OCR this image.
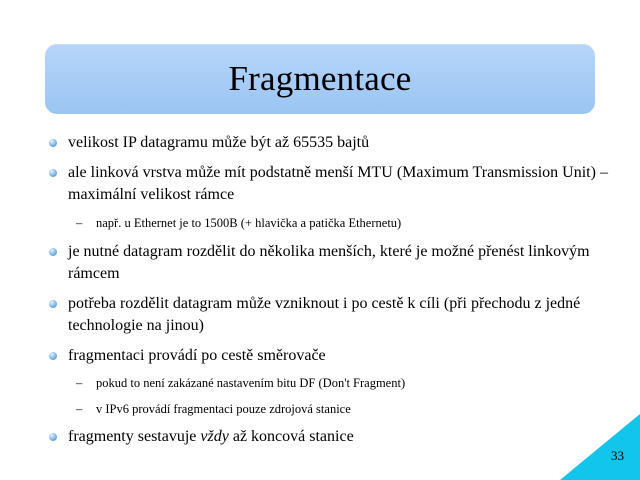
Fragmentace
velikost IP datagramu může být až 65535 bajtů
ale linková vrstva může mít podstatně menší MTU (Maximum Transmission Unit) – maximální velikost rámce
– např. u Ethernet je to 1500B (+ hlavička a patička Ethernetu)
je nutné datagram rozdělit do několika menších, které je možné přenést linkovým rámcem
potřeba rozdělit datagram může vzniknout i po cestě k cíli (při přechodu z jedné technologie na jinou)
fragmentaci provádí po cestě směrovače
– pokud to není zakázané nastavením bitu DF (Don't Fragment)
– v IPv6 provádí fragmentaci pouze zdrojová stanice
fragmenty sestavuje vždy až koncová stanice
33
